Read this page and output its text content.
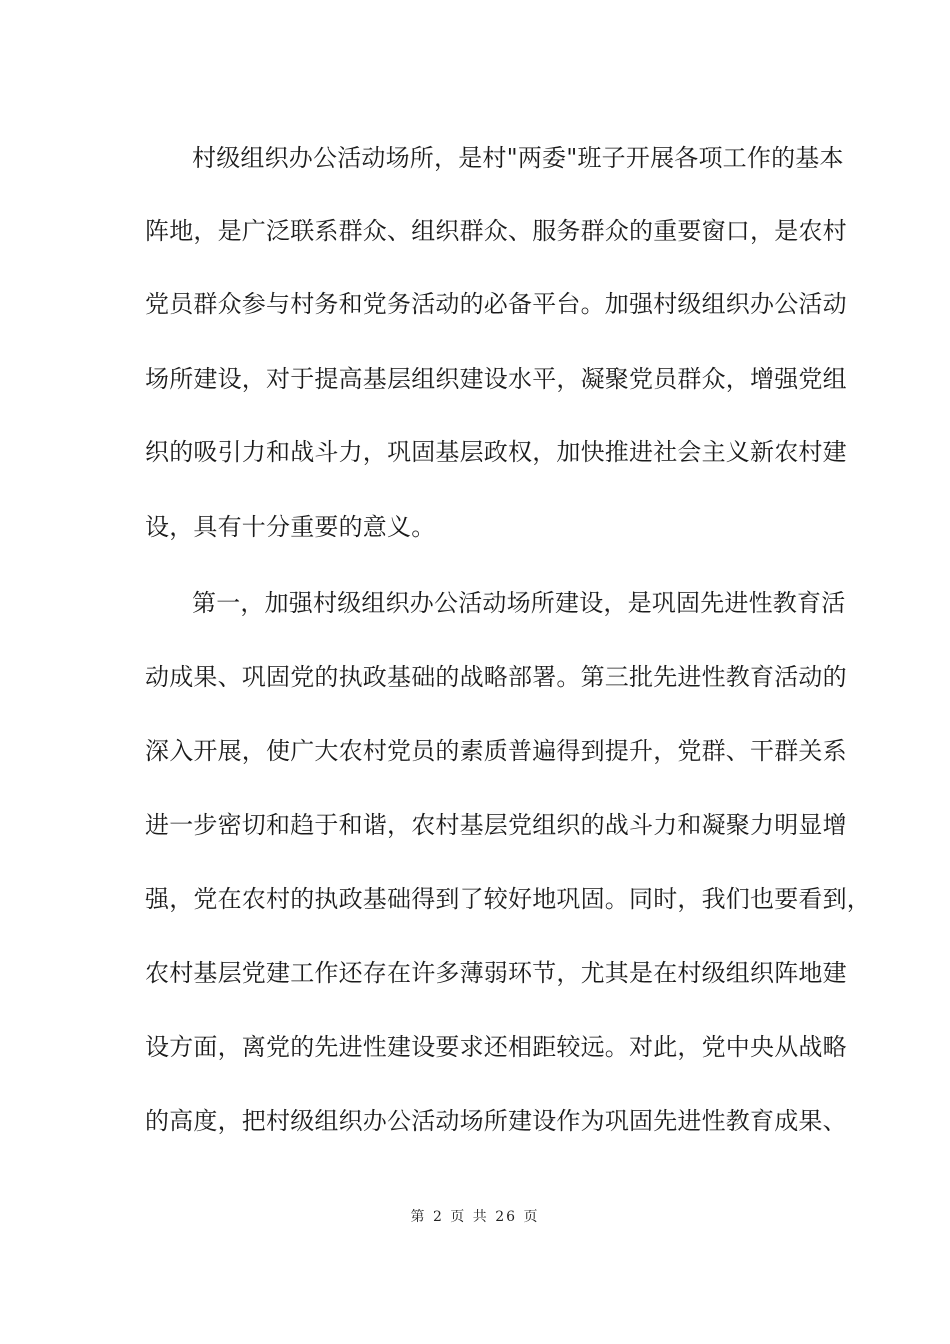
村级组织办公活动场所，是村"两委"班子开展各项工作的基本
阵地，是广泛联系群众、组织群众、服务群众的重要窗口，是农村
党员群众参与村务和党务活动的必备平台。加强村级组织办公活动
场所建设，对于提高基层组织建设水平，凝聚党员群众，增强党组
织的吸引力和战斗力，巩固基层政权，加快推进社会主义新农村建
设，具有十分重要的意义。
第一，加强村级组织办公活动场所建设，是巩固先进性教育活
动成果、巩固党的执政基础的战略部署。第三批先进性教育活动的
深入开展，使广大农村党员的素质普遍得到提升，党群、干群关系
进一步密切和趋于和谐，农村基层党组织的战斗力和凝聚力明显增
强，党在农村的执政基础得到了较好地巩固。同时，我们也要看到，
农村基层党建工作还存在许多薄弱环节，尤其是在村级组织阵地建
设方面，离党的先进性建设要求还相距较远。对此，党中央从战略
的高度，把村级组织办公活动场所建设作为巩固先进性教育成果、
第 2 页 共 26 页
